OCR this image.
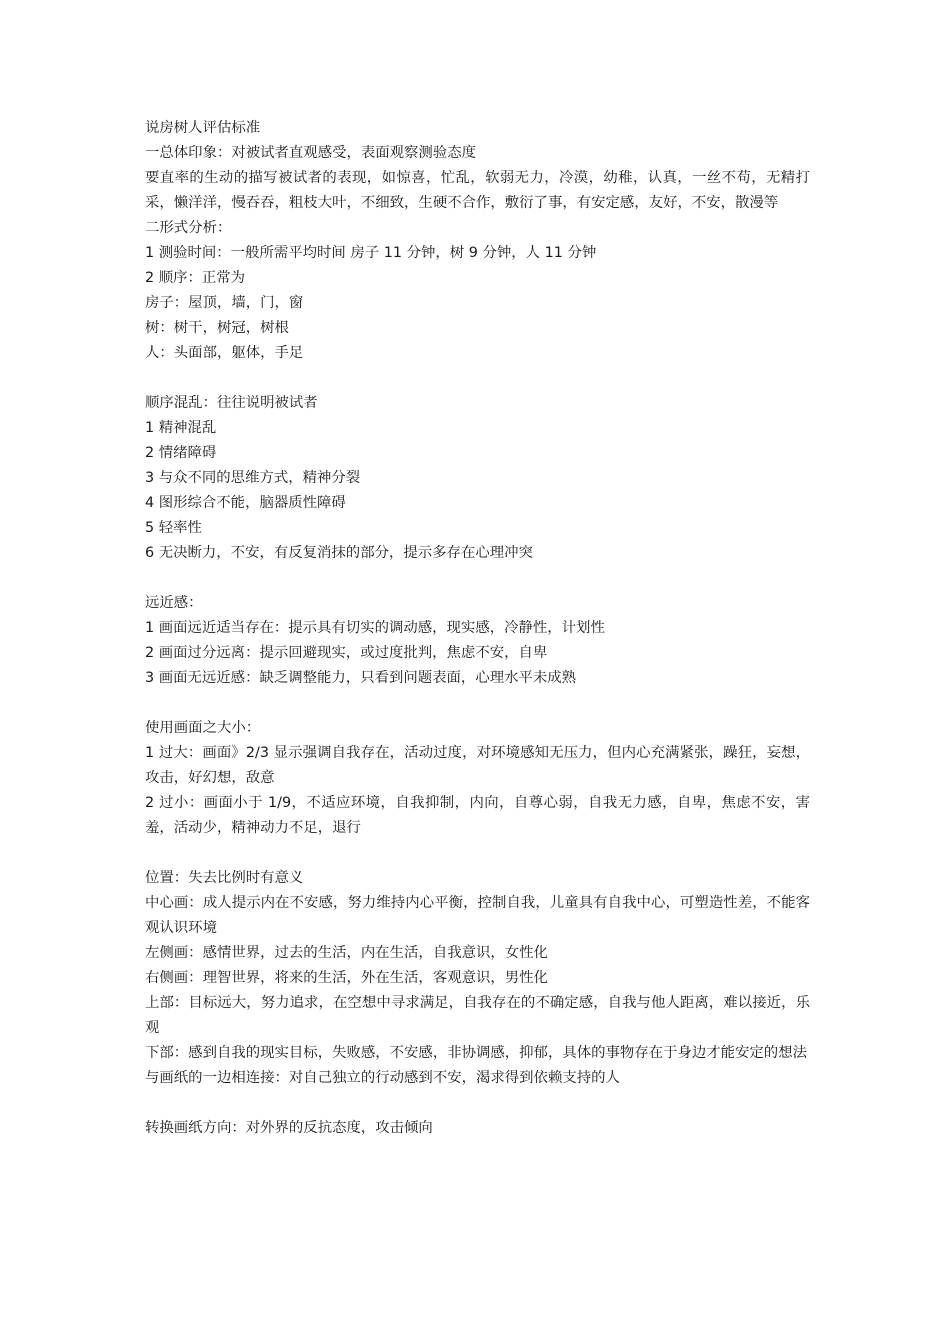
说房树人评估标准
一总体印象：对被试者直观感受，表面观察测验态度
要直率的生动的描写被试者的表现，如惊喜，忙乱，软弱无力，冷漠，幼稚，认真，一丝不苟，无精打采，懒洋洋，慢吞吞，粗枝大叶，不细致，生硬不合作，敷衍了事，有安定感，友好，不安，散漫等
二形式分析：
1 测验时间：一般所需平均时间 房子 11 分钟，树 9 分钟，人 11 分钟
2 顺序：正常为
房子：屋顶，墙，门，窗
树：树干，树冠，树根
人：头面部，躯体，手足
顺序混乱：往往说明被试者
1 精神混乱
2 情绪障碍
3 与众不同的思维方式，精神分裂
4 图形综合不能，脑器质性障碍
5 轻率性
6 无决断力，不安，有反复消抹的部分，提示多存在心理冲突
远近感：
1 画面远近适当存在：提示具有切实的调动感，现实感，冷静性，计划性
2 画面过分远离：提示回避现实，或过度批判，焦虑不安，自卑
3 画面无远近感：缺乏调整能力，只看到问题表面，心理水平未成熟
使用画面之大小：
1 过大：画面》2/3 显示强调自我存在，活动过度，对环境感知无压力，但内心充满紧张，躁狂，妄想，攻击，好幻想，敌意
2 过小：画面小于 1/9，不适应环境，自我抑制，内向，自尊心弱，自我无力感，自卑，焦虑不安，害羞，活动少，精神动力不足，退行
位置：失去比例时有意义
中心画：成人提示内在不安感，努力维持内心平衡，控制自我，儿童具有自我中心，可塑造性差，不能客观认识环境
左侧画：感情世界，过去的生活，内在生活，自我意识，女性化
右侧画：理智世界，将来的生活，外在生活，客观意识，男性化
上部：目标远大，努力追求，在空想中寻求满足，自我存在的不确定感，自我与他人距离，难以接近，乐观
下部：感到自我的现实目标，失败感，不安感，非协调感，抑郁，具体的事物存在于身边才能安定的想法
与画纸的一边相连接：对自己独立的行动感到不安，渴求得到依赖支持的人
转换画纸方向：对外界的反抗态度，攻击倾向
